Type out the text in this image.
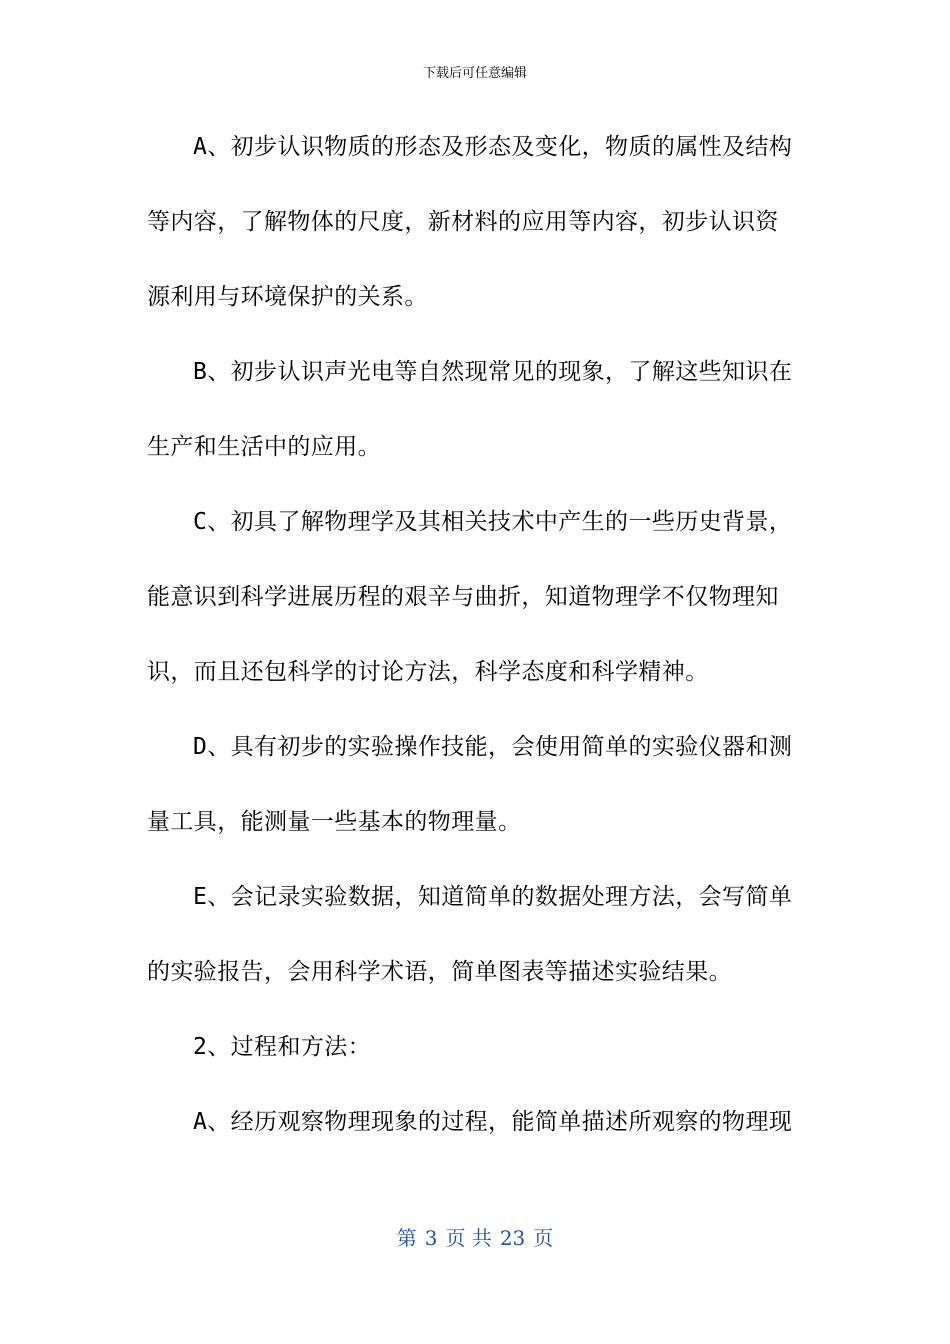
下载后可任意编辑
A、初步认识物质的形态及形态及变化，物质的属性及结构
等内容，了解物体的尺度，新材料的应用等内容，初步认识资
源利用与环境保护的关系。
B、初步认识声光电等自然现常见的现象，了解这些知识在
生产和生活中的应用。
C、初具了解物理学及其相关技术中产生的一些历史背景，
能意识到科学进展历程的艰辛与曲折，知道物理学不仅物理知
识，而且还包科学的讨论方法，科学态度和科学精神。
D、具有初步的实验操作技能，会使用简单的实验仪器和测
量工具，能测量一些基本的物理量。
E、会记录实验数据，知道简单的数据处理方法，会写简单
的实验报告，会用科学术语，简单图表等描述实验结果。
2、过程和方法：
A、经历观察物理现象的过程，能简单描述所观察的物理现
第 3 页 共 23 页
